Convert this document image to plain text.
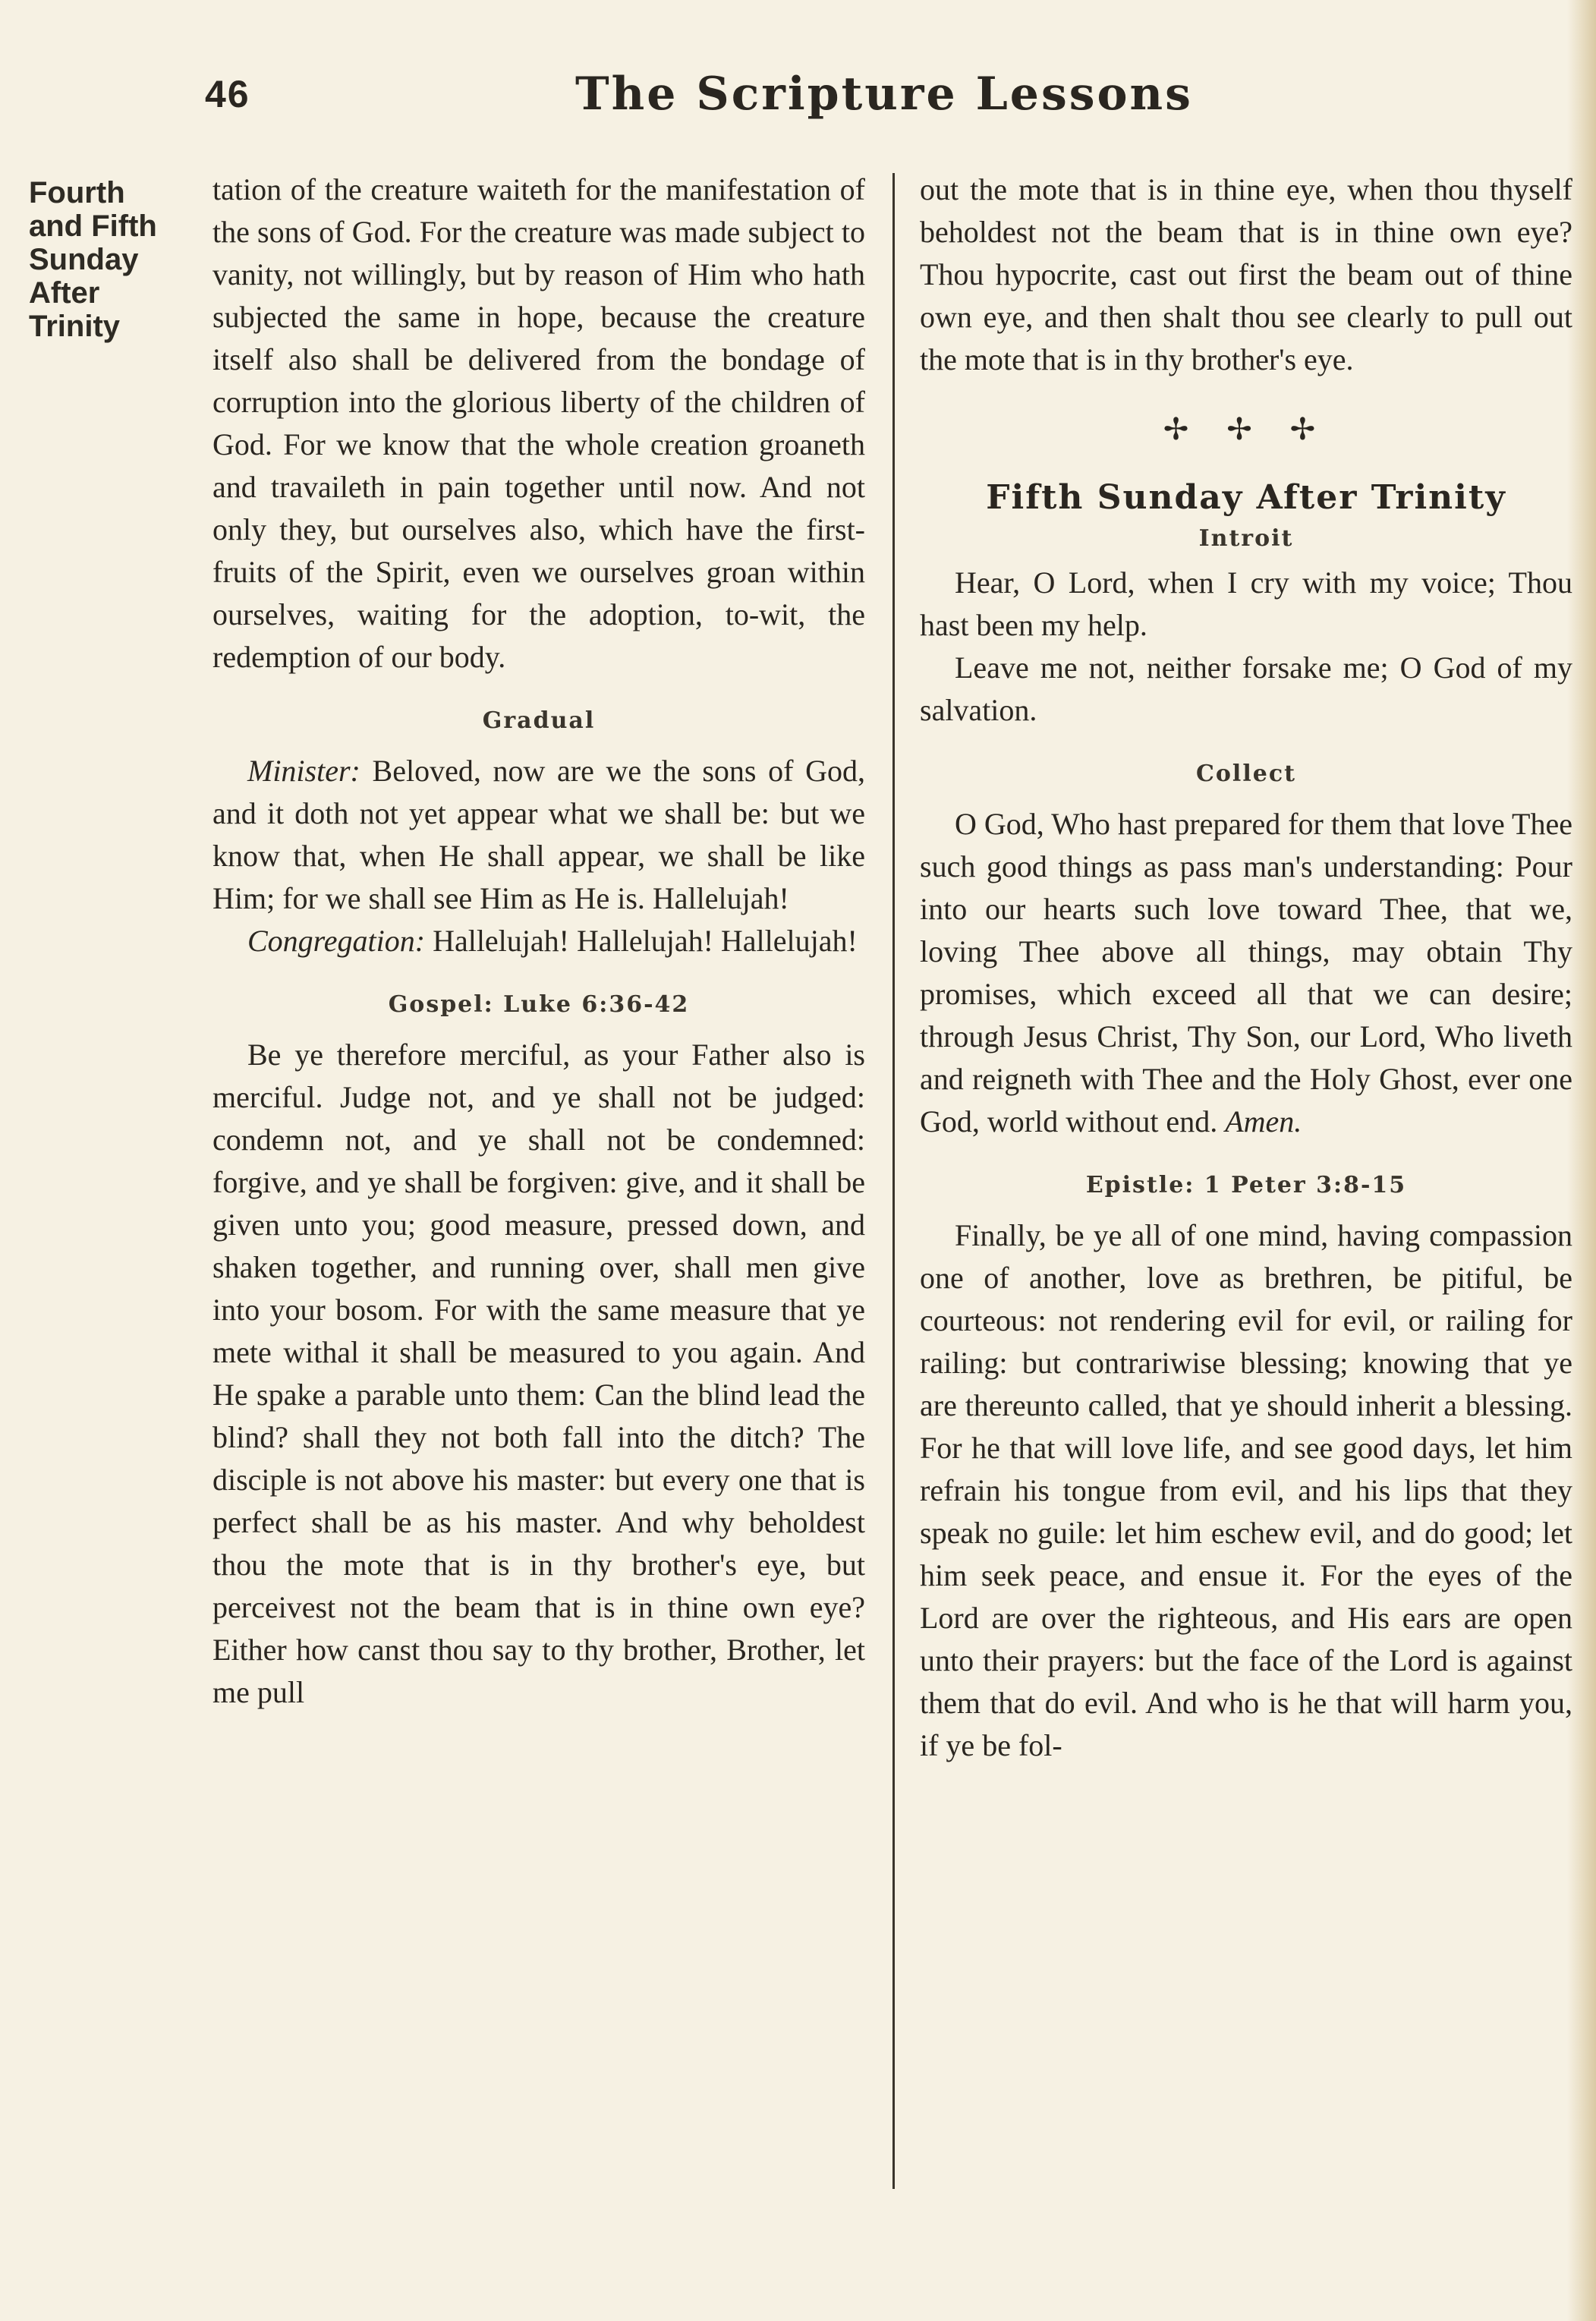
46	The Scripture Lessons
Fourth
and Fifth
Sunday
After
Trinity

tation of the creature waiteth for the manifestation of the sons of God. For the creature was made subject to vanity, not willingly, but by reason of Him who hath subjected the same in hope, because the creature itself also shall be delivered from the bondage of corruption into the glorious liberty of the children of God. For we know that the whole creation groaneth and travaileth in pain together until now. And not only they, but ourselves also, which have the first-fruits of the Spirit, even we ourselves groan within ourselves, waiting for the adoption, to-wit, the redemption of our body.

Gradual

Minister: Beloved, now are we the sons of God, and it doth not yet appear what we shall be: but we know that, when He shall appear, we shall be like Him; for we shall see Him as He is. Hallelujah!

Congregation: Hallelujah! Hallelujah! Hallelujah!

Gospel: Luke 6:36-42

Be ye therefore merciful, as your Father also is merciful. Judge not, and ye shall not be judged: condemn not, and ye shall not be condemned: forgive, and ye shall be forgiven: give, and it shall be given unto you; good measure, pressed down, and shaken together, and running over, shall men give into your bosom. For with the same measure that ye mete withal it shall be measured to you again. And He spake a parable unto them: Can the blind lead the blind? shall they not both fall into the ditch? The disciple is not above his master: but every one that is perfect shall be as his master. And why beholdest thou the mote that is in thy brother's eye, but perceivest not the beam that is in thine own eye? Either how canst thou say to thy brother, Brother, let me pull

out the mote that is in thine eye, when thou thyself beholdest not the beam that is in thine own eye? Thou hypocrite, cast out first the beam out of thine own eye, and then shalt thou see clearly to pull out the mote that is in thy brother's eye.

✢ ✢ ✢
Fifth Sunday After Trinity
Introit

Hear, O Lord, when I cry with my voice; Thou hast been my help.

Leave me not, neither forsake me; O God of my salvation.

Collect

O God, Who hast prepared for them that love Thee such good things as pass man's understanding: Pour into our hearts such love toward Thee, that we, loving Thee above all things, may obtain Thy promises, which exceed all that we can desire; through Jesus Christ, Thy Son, our Lord, Who liveth and reigneth with Thee and the Holy Ghost, ever one God, world without end. Amen.

Epistle: 1 Peter 3:8-15

Finally, be ye all of one mind, having compassion one of another, love as brethren, be pitiful, be courteous: not rendering evil for evil, or railing for railing: but contrariwise blessing; knowing that ye are thereunto called, that ye should inherit a blessing. For he that will love life, and see good days, let him refrain his tongue from evil, and his lips that they speak no guile: let him eschew evil, and do good; let him seek peace, and ensue it. For the eyes of the Lord are over the righteous, and His ears are open unto their prayers: but the face of the Lord is against them that do evil. And who is he that will harm you, if ye be fol-
